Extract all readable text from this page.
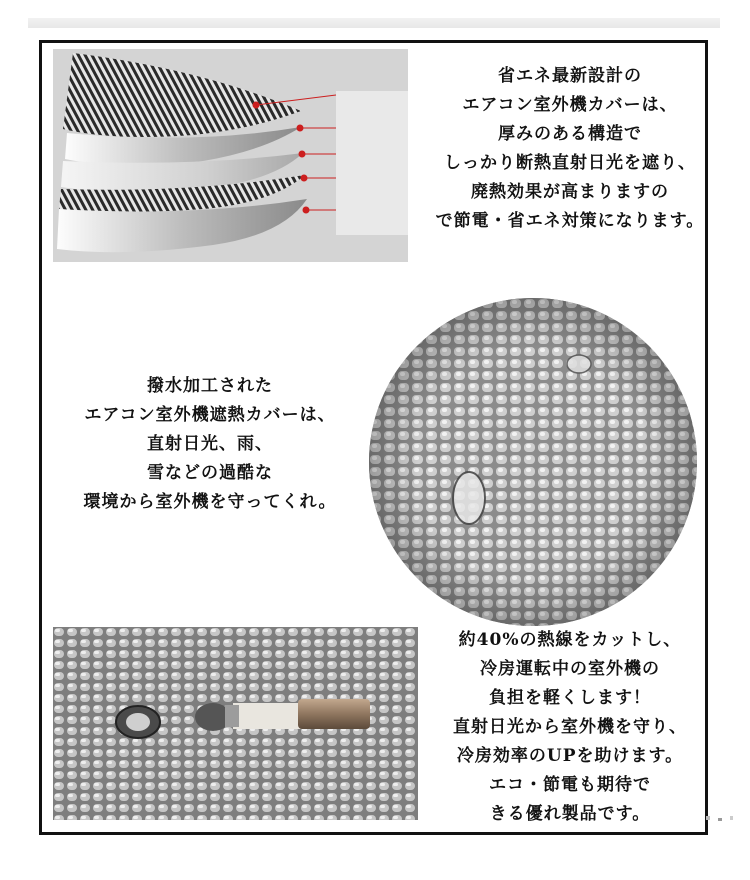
省エネ最新設計の
エアコン室外機カバーは、
厚みのある構造で
しっかり断熱直射日光を遮り、
廃熱効果が高まりますの
で節電・省エネ対策になります。
撥水加工された
エアコン室外機遮熱カバーは、
直射日光、雨、
雪などの過酷な
環境から室外機を守ってくれ。
約40%の熱線をカットし、
冷房運転中の室外機の
負担を軽くします！
直射日光から室外機を守り、
冷房効率のUPを助けます。
エコ・節電も期待で
きる優れ製品です。
